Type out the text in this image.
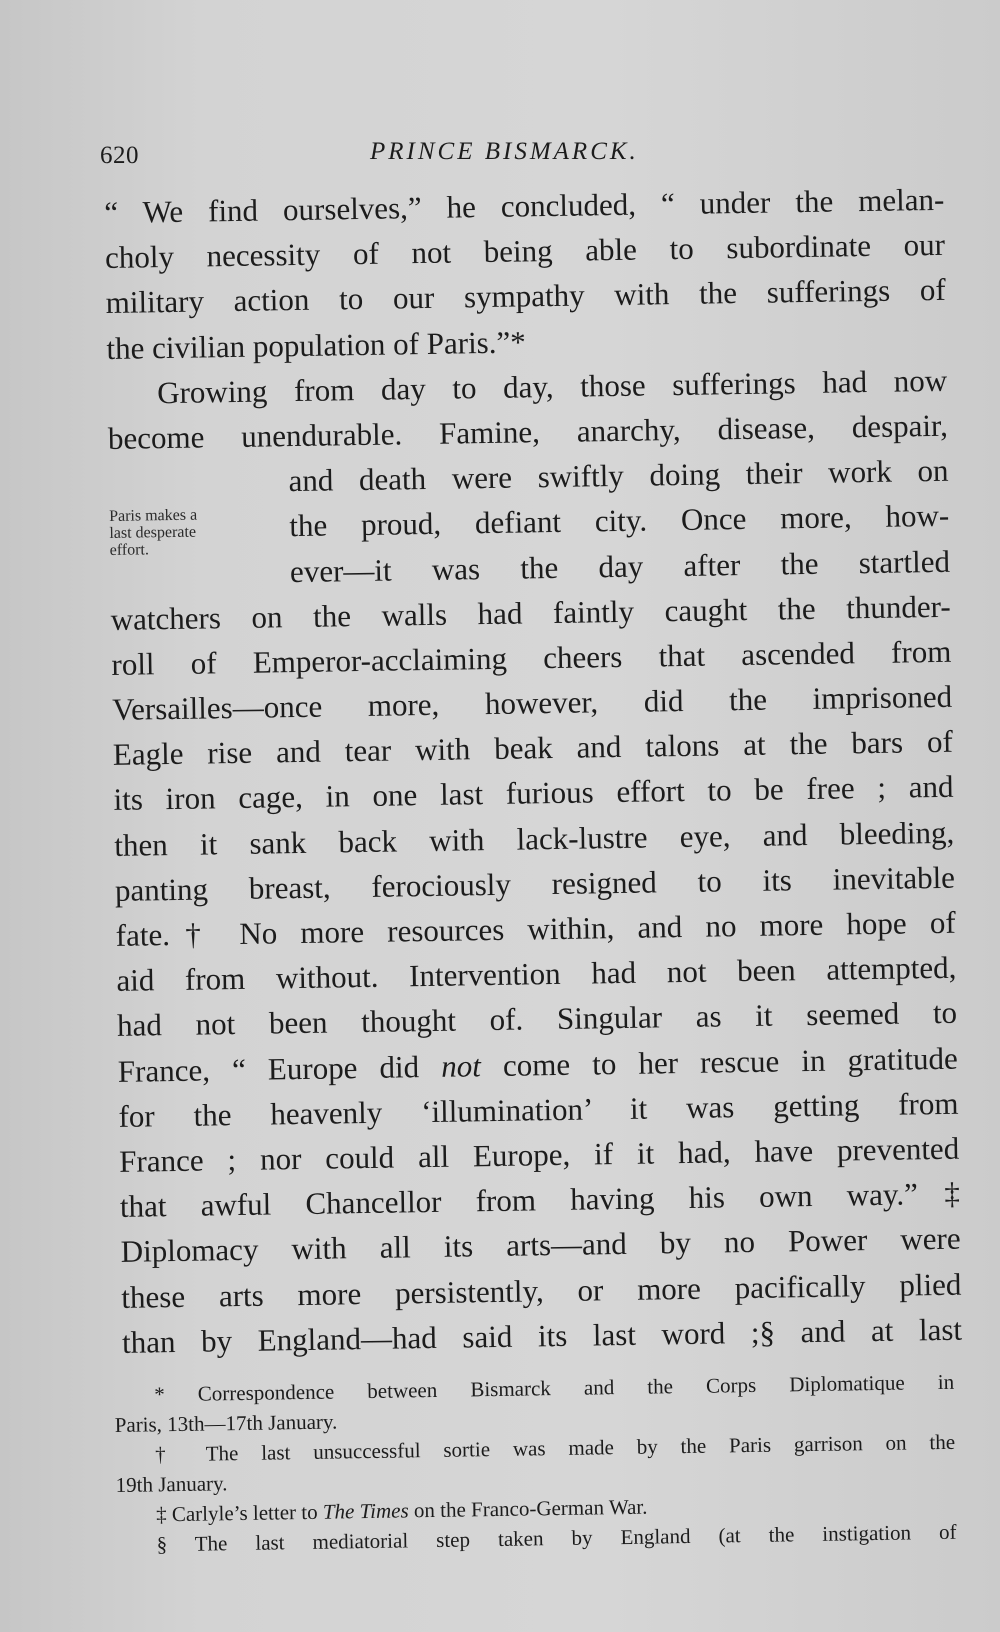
620	PRINCE BISMARCK.
“ We find ourselves,” he concluded, “ under the melan-
choly necessity of not being able to subordinate our
military action to our sympathy with the sufferings of
the civilian population of Paris.”*
Growing from day to day, those sufferings had now
become unendurable. Famine, anarchy, disease, despair,
and death were swiftly doing their work on
the proud, defiant city. Once more, how-
ever—it was the day after the startled
Paris makes a
last desperate
effort.
watchers on the walls had faintly caught the thunder-
roll of Emperor-acclaiming cheers that ascended from
Versailles—once more, however, did the imprisoned
Eagle rise and tear with beak and talons at the bars of
its iron cage, in one last furious effort to be free ; and
then it sank back with lack-lustre eye, and bleeding,
panting breast, ferociously resigned to its inevitable
fate.† No more resources within, and no more hope of
aid from without. Intervention had not been attempted,
had not been thought of. Singular as it seemed to
France, “ Europe did not come to her rescue in gratitude
for the heavenly ‘illumination’ it was getting from
France ; nor could all Europe, if it had, have prevented
that awful Chancellor from having his own way.”‡
Diplomacy with all its arts—and by no Power were
these arts more persistently, or more pacifically plied
than by England—had said its last word ;§ and at last
* Correspondence between Bismarck and the Corps Diplomatique in
Paris, 13th—17th January.
† The last unsuccessful sortie was made by the Paris garrison on the
19th January.
‡ Carlyle’s letter to The Times on the Franco-German War.
§ The last mediatorial step taken by England (at the instigation of
